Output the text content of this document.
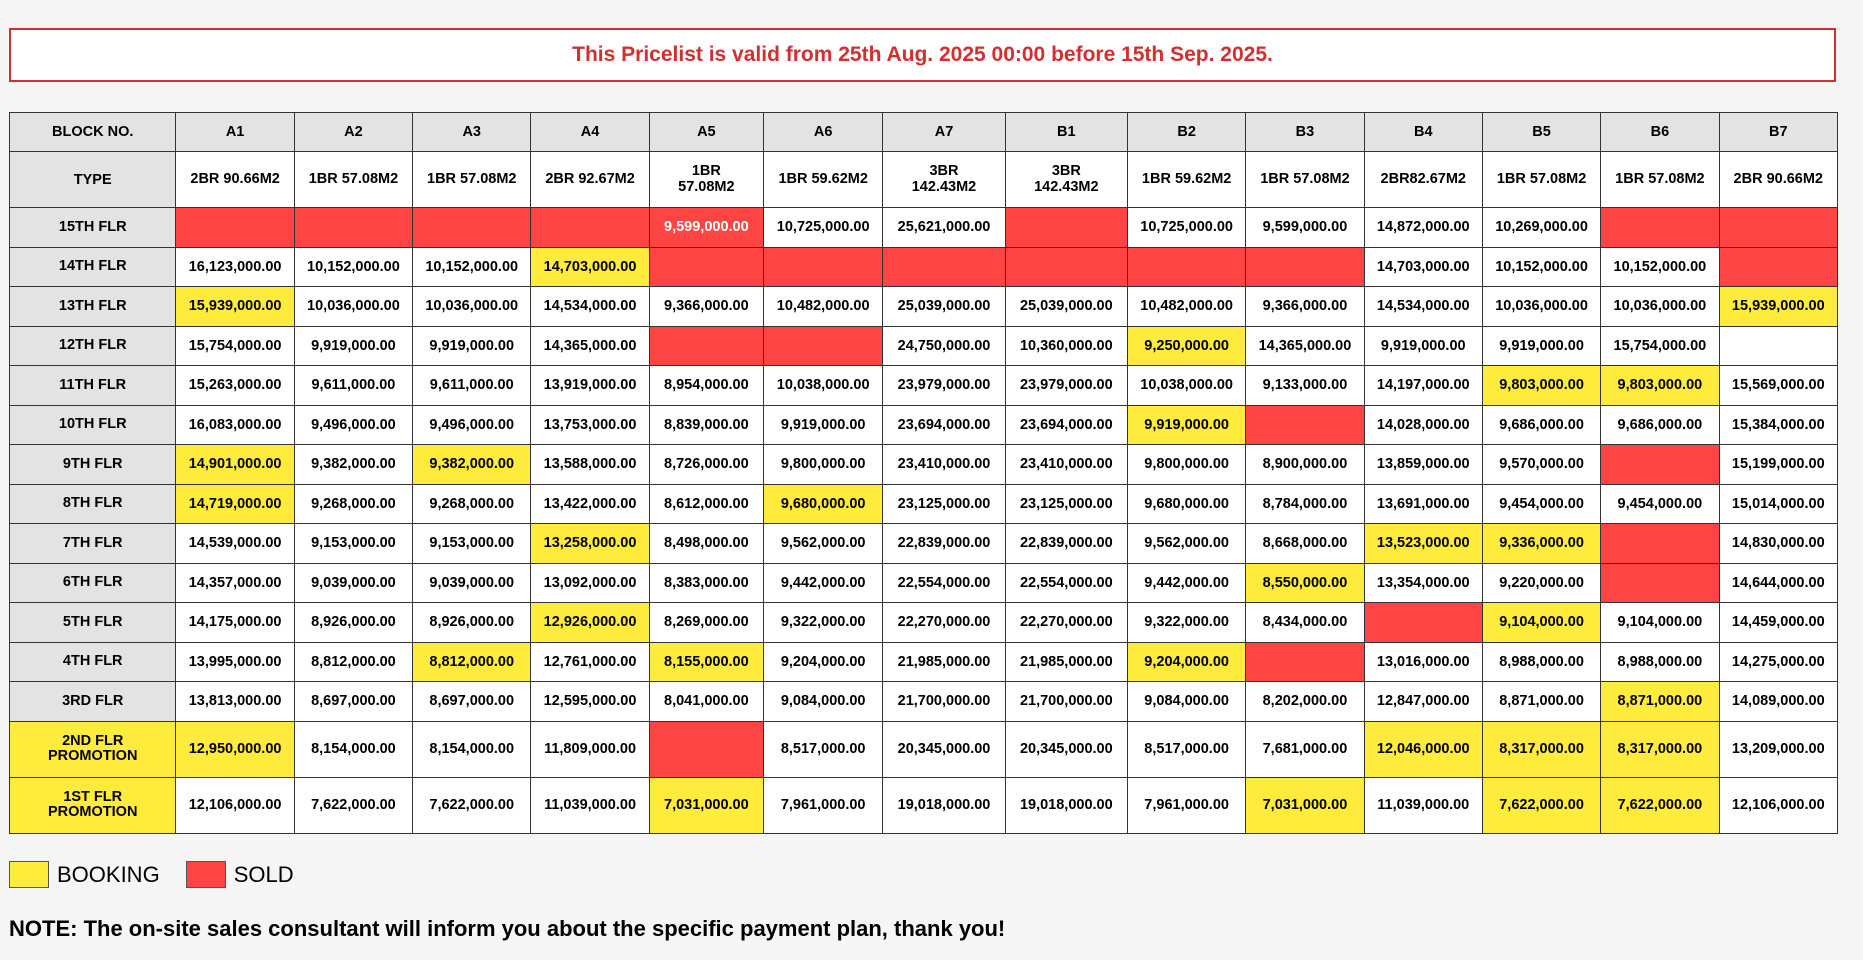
This Pricelist is valid from 25th Aug. 2025 00:00 before 15th Sep. 2025.
BLOCK NO.	A1	A2	A3	A4	A5	A6	A7	B1	B2	B3	B4	B5	B6	B7
TYPE	2BR 90.66M2	1BR 57.08M2	1BR 57.08M2	2BR 92.67M2	1BR
57.08M2	1BR 59.62M2	3BR
142.43M2	3BR
142.43M2	1BR 59.62M2	1BR 57.08M2	2BR82.67M2	1BR 57.08M2	1BR 57.08M2	2BR 90.66M2
15TH FLR					9,599,000.00	10,725,000.00	25,621,000.00		10,725,000.00	9,599,000.00	14,872,000.00	10,269,000.00		
14TH FLR	16,123,000.00	10,152,000.00	10,152,000.00	14,703,000.00							14,703,000.00	10,152,000.00	10,152,000.00	
13TH FLR	15,939,000.00	10,036,000.00	10,036,000.00	14,534,000.00	9,366,000.00	10,482,000.00	25,039,000.00	25,039,000.00	10,482,000.00	9,366,000.00	14,534,000.00	10,036,000.00	10,036,000.00	15,939,000.00
12TH FLR	15,754,000.00	9,919,000.00	9,919,000.00	14,365,000.00			24,750,000.00	10,360,000.00	9,250,000.00	14,365,000.00	9,919,000.00	9,919,000.00	15,754,000.00	
11TH FLR	15,263,000.00	9,611,000.00	9,611,000.00	13,919,000.00	8,954,000.00	10,038,000.00	23,979,000.00	23,979,000.00	10,038,000.00	9,133,000.00	14,197,000.00	9,803,000.00	9,803,000.00	15,569,000.00
10TH FLR	16,083,000.00	9,496,000.00	9,496,000.00	13,753,000.00	8,839,000.00	9,919,000.00	23,694,000.00	23,694,000.00	9,919,000.00		14,028,000.00	9,686,000.00	9,686,000.00	15,384,000.00
9TH FLR	14,901,000.00	9,382,000.00	9,382,000.00	13,588,000.00	8,726,000.00	9,800,000.00	23,410,000.00	23,410,000.00	9,800,000.00	8,900,000.00	13,859,000.00	9,570,000.00		15,199,000.00
8TH FLR	14,719,000.00	9,268,000.00	9,268,000.00	13,422,000.00	8,612,000.00	9,680,000.00	23,125,000.00	23,125,000.00	9,680,000.00	8,784,000.00	13,691,000.00	9,454,000.00	9,454,000.00	15,014,000.00
7TH FLR	14,539,000.00	9,153,000.00	9,153,000.00	13,258,000.00	8,498,000.00	9,562,000.00	22,839,000.00	22,839,000.00	9,562,000.00	8,668,000.00	13,523,000.00	9,336,000.00		14,830,000.00
6TH FLR	14,357,000.00	9,039,000.00	9,039,000.00	13,092,000.00	8,383,000.00	9,442,000.00	22,554,000.00	22,554,000.00	9,442,000.00	8,550,000.00	13,354,000.00	9,220,000.00		14,644,000.00
5TH FLR	14,175,000.00	8,926,000.00	8,926,000.00	12,926,000.00	8,269,000.00	9,322,000.00	22,270,000.00	22,270,000.00	9,322,000.00	8,434,000.00		9,104,000.00	9,104,000.00	14,459,000.00
4TH FLR	13,995,000.00	8,812,000.00	8,812,000.00	12,761,000.00	8,155,000.00	9,204,000.00	21,985,000.00	21,985,000.00	9,204,000.00		13,016,000.00	8,988,000.00	8,988,000.00	14,275,000.00
3RD FLR	13,813,000.00	8,697,000.00	8,697,000.00	12,595,000.00	8,041,000.00	9,084,000.00	21,700,000.00	21,700,000.00	9,084,000.00	8,202,000.00	12,847,000.00	8,871,000.00	8,871,000.00	14,089,000.00
2ND FLR
PROMOTION	12,950,000.00	8,154,000.00	8,154,000.00	11,809,000.00		8,517,000.00	20,345,000.00	20,345,000.00	8,517,000.00	7,681,000.00	12,046,000.00	8,317,000.00	8,317,000.00	13,209,000.00
1ST FLR
PROMOTION	12,106,000.00	7,622,000.00	7,622,000.00	11,039,000.00	7,031,000.00	7,961,000.00	19,018,000.00	19,018,000.00	7,961,000.00	7,031,000.00	11,039,000.00	7,622,000.00	7,622,000.00	12,106,000.00
BOOKING	SOLD
NOTE: The on-site sales consultant will inform you about the specific payment plan, thank you!
